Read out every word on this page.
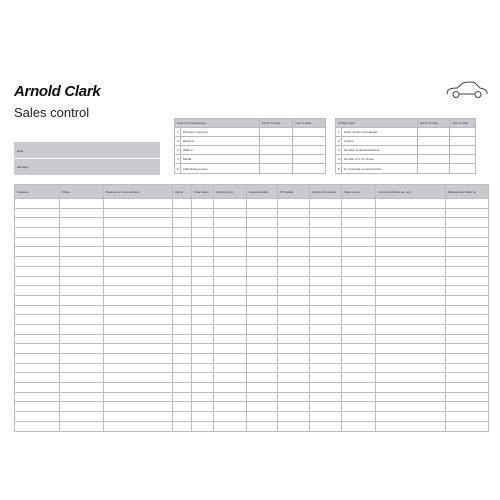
Arnold Clark
Sales control
Date
Manager
Source of sale/enquiry		Month to date	Year to date
1	Previous customer		
2	Referral		
3	Walk in		
4	Media		
5	Advertising source		
Today's total		Month to date	Year to date
1	Total number of enquiries		
2	Orders		
3	Number of demonstrations		
4	Number of 1 & 1 times		
5	% of closing to opportunities		
Customer	Phone	Business or home address	Owner	Order taken	Source (ie by)	Finance details	P/X details	Source of business	Sales person	Comments (follow up, etc.)	Management follow up
